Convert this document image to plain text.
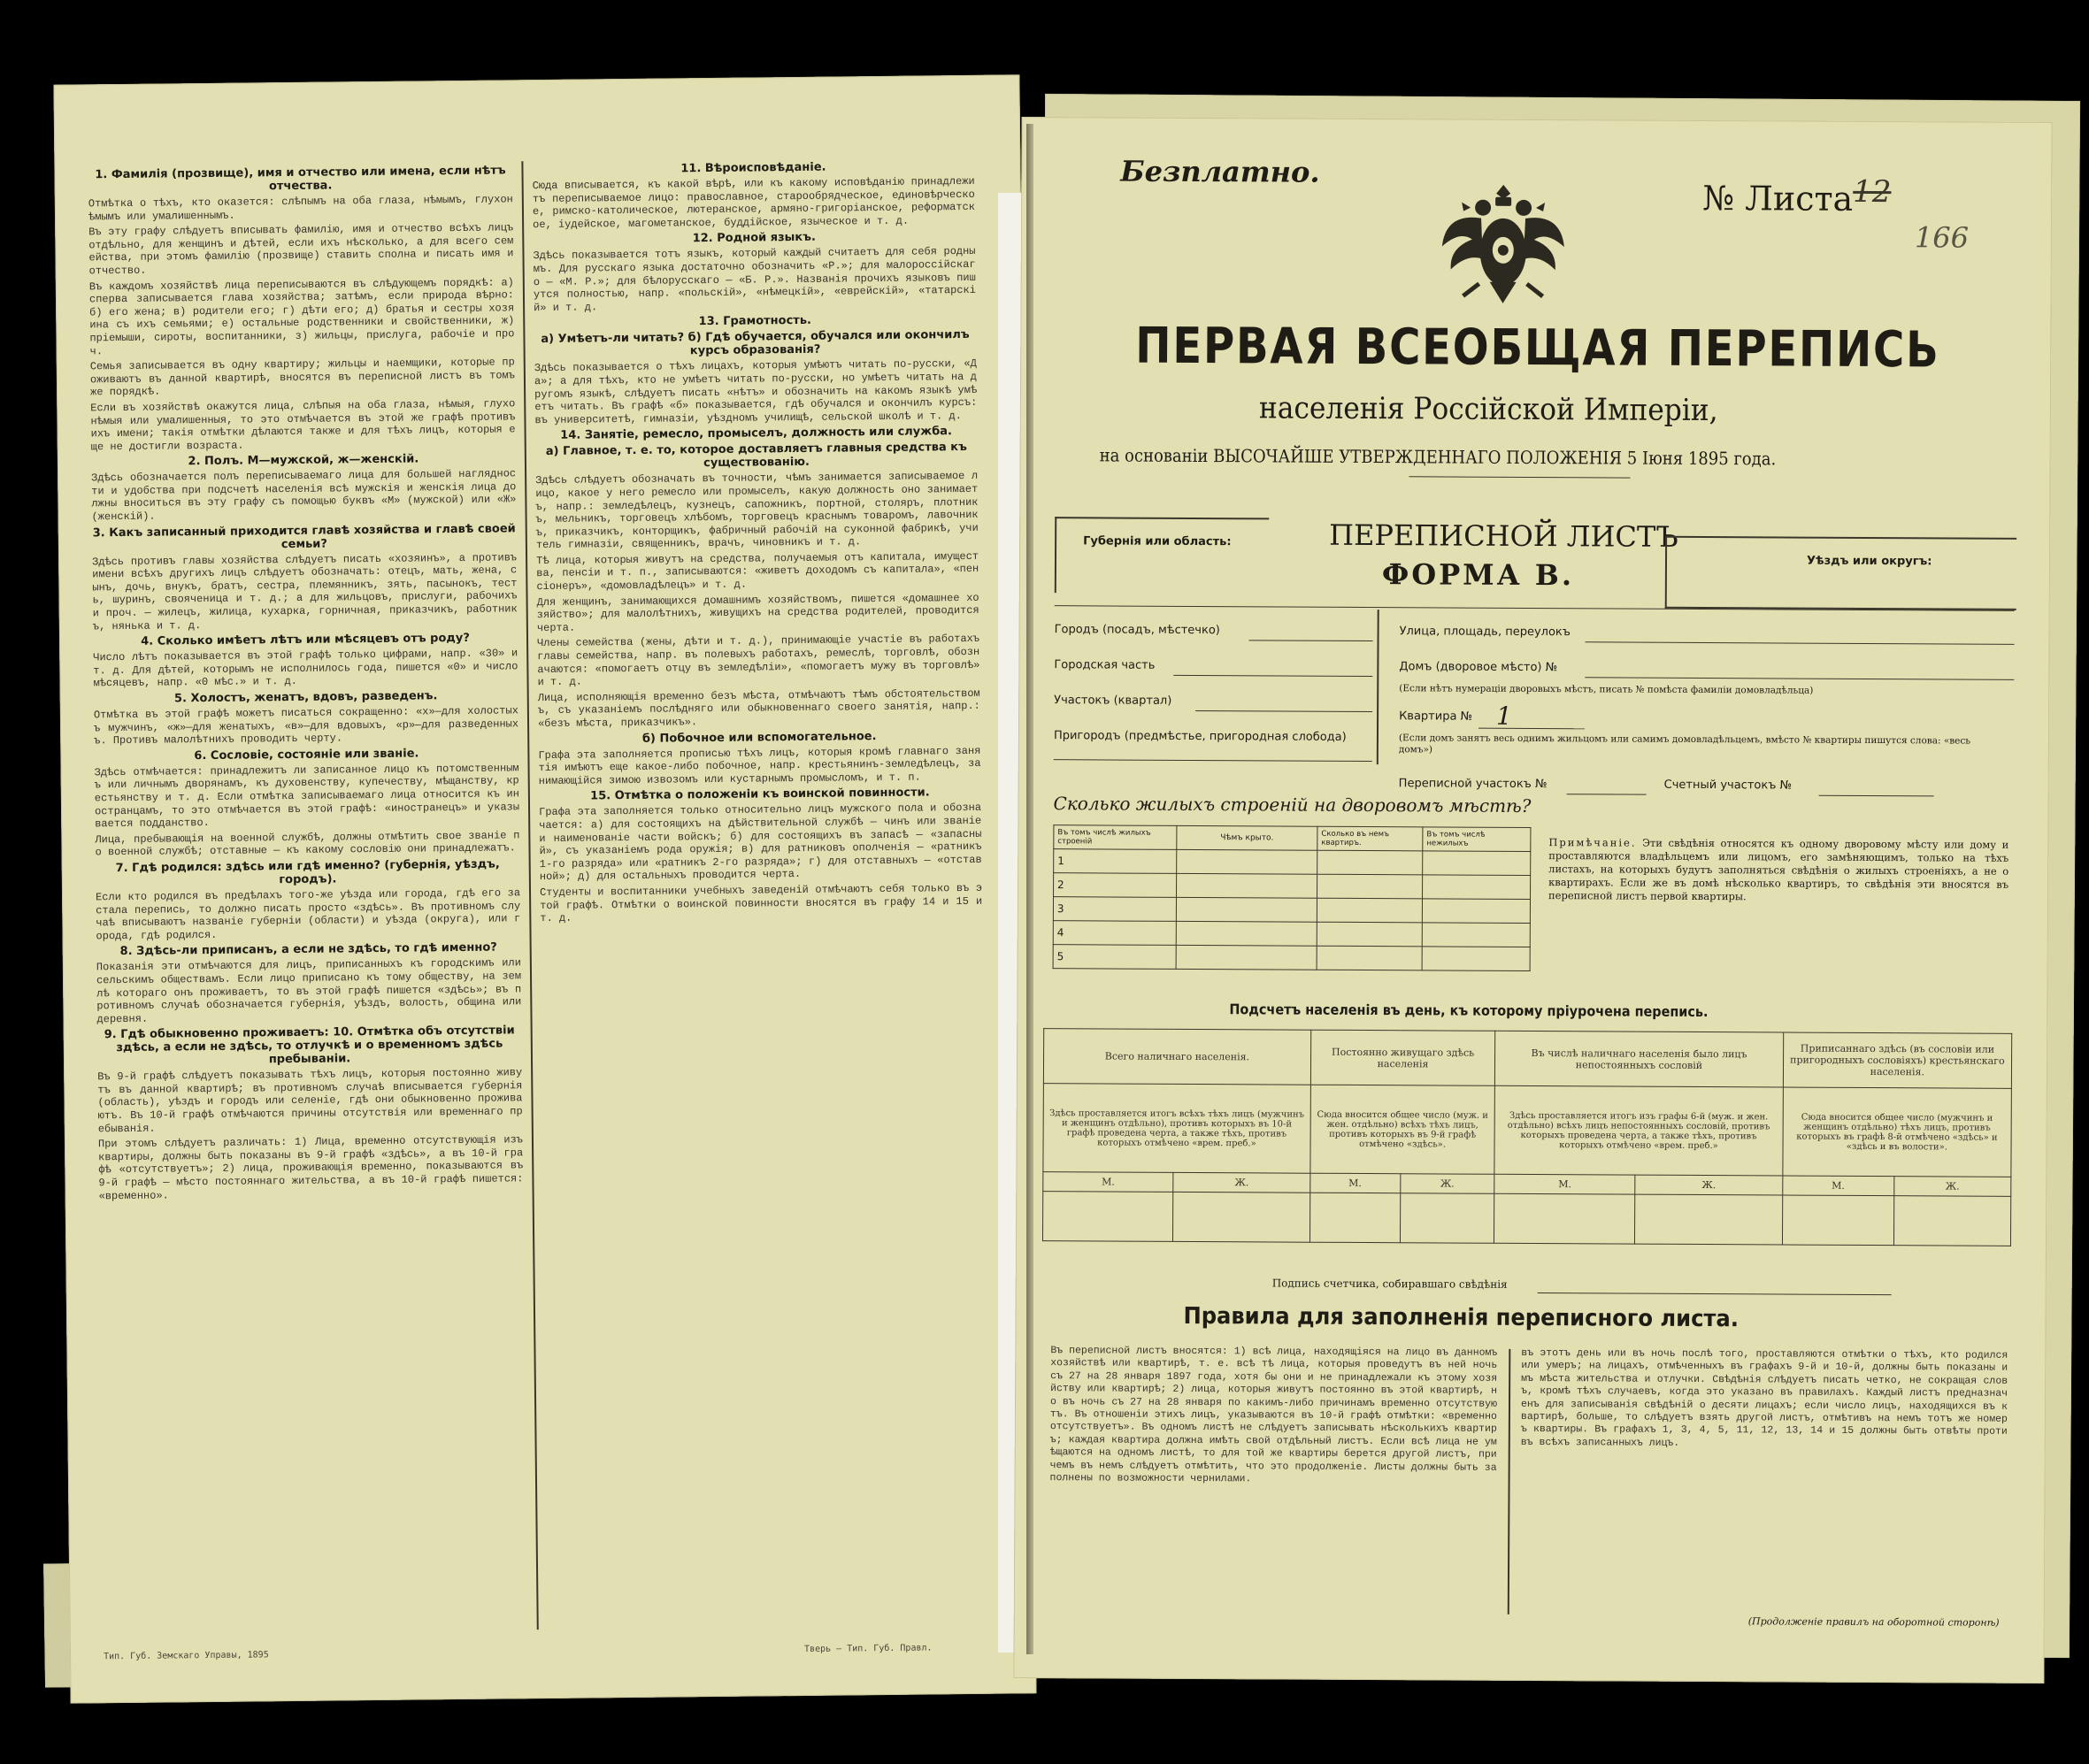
1. Фамилія (прозвище), имя и отчество или имена, если нѣтъ отчества.

Отмѣтка о тѣхъ, кто оказется: слѣпымъ на оба глаза, нѣмымъ, глухонѣмымъ или умалишеннымъ.

Въ эту графу слѣдуетъ вписывать фамилію, имя и отчество всѣхъ лицъ отдѣльно, для женщинъ и дѣтей, если ихъ нѣсколько, а для всего семейства, при этомъ фамилію (прозвище) ставить сполна и писать имя и отчество.

Въ каждомъ хозяйствѣ лица переписываются въ слѣдующемъ порядкѣ: а) сперва записывается глава хозяйства; затѣмъ, если природа вѣрно: б) его жена; в) родители его; г) дѣти его; д) братья и сестры хозяина съ ихъ семьями; е) остальные родственники и свойственники, ж) пріемыши, сироты, воспитанники, з) жильцы, прислуга, рабочіе и проч.

Семья записывается въ одну квартиру; жильцы и наемщики, которые проживаютъ въ данной квартирѣ, вносятся въ переписной листъ въ томъ же порядкѣ.

Если въ хозяйствѣ окажутся лица, слѣпыя на оба глаза, нѣмыя, глухонѣмыя или умалишенныя, то это отмѣчается въ этой же графѣ противъ ихъ имени; такія отмѣтки дѣлаются также и для тѣхъ лицъ, которыя еще не достигли возраста.

2. Полъ. М—мужской, ж—женскій.

Здѣсь обозначается полъ переписываемаго лица для большей наглядности и удобства при подсчетѣ населенія всѣ мужскія и женскія лица должны вноситься въ эту графу съ помощью буквъ «М» (мужской) или «Ж» (женскій).

3. Какъ записанный приходится главѣ хозяйства и главѣ своей семьи?

Здѣсь противъ главы хозяйства слѣдуетъ писать «хозяинъ», а противъ имени всѣхъ другихъ лицъ слѣдуетъ обозначать: отецъ, мать, жена, сынъ, дочь, внукъ, братъ, сестра, племянникъ, зять, пасынокъ, тесть, шуринъ, свояченица и т. д.; а для жильцовъ, прислуги, рабочихъ и проч. — жилецъ, жилица, кухарка, горничная, приказчикъ, работникъ, нянька и т. д.

4. Сколько имѣетъ лѣтъ или мѣсяцевъ отъ роду?

Число лѣтъ показывается въ этой графѣ только цифрами, напр. «30» и т. д. Для дѣтей, которымъ не исполнилось года, пишется «0» и число мѣсяцевъ, напр. «0 мѣс.» и т. д.

5. Холостъ, женатъ, вдовъ, разведенъ.

Отмѣтка въ этой графѣ можетъ писаться сокращенно: «х»—для холостыхъ мужчинъ, «ж»—для женатыхъ, «в»—для вдовыхъ, «р»—для разведенныхъ. Противъ малолѣтнихъ проводить черту.

6. Сословіе, состояніе или званіе.

Здѣсь отмѣчается: принадлежитъ ли записанное лицо къ потомственнымъ или личнымъ дворянамъ, къ духовенству, купечеству, мѣщанству, крестьянству и т. д. Если отмѣтка записываемаго лица относится къ иностранцамъ, то это отмѣчается въ этой графѣ: «иностранецъ» и указывается подданство.

Лица, пребывающія на военной службѣ, должны отмѣтить свое званіе по военной службѣ; отставные — къ какому сословію они принадлежатъ.

7. Гдѣ родился: здѣсь или гдѣ именно? (губернія, уѣздъ, городъ).

Если кто родился въ предѣлахъ того-же уѣзда или города, гдѣ его застала перепись, то должно писать просто «здѣсь». Въ противномъ случаѣ вписываютъ названіе губерніи (области) и уѣзда (округа), или города, гдѣ родился.

8. Здѣсь-ли приписанъ, а если не здѣсь, то гдѣ именно?

Показанія эти отмѣчаются для лицъ, приписанныхъ къ городскимъ или сельскимъ обществамъ. Если лицо приписано къ тому обществу, на землѣ котораго онъ проживаетъ, то въ этой графѣ пишется «здѣсь»; въ противномъ случаѣ обозначается губернія, уѣздъ, волость, община или деревня.

9. Гдѣ обыкновенно проживаетъ: 10. Отмѣтка объ отсутствіи здѣсь, а если не здѣсь, то отлучкѣ и о временномъ здѣсь пребываніи.

Въ 9-й графѣ слѣдуетъ показывать тѣхъ лицъ, которыя постоянно живутъ въ данной квартирѣ; въ противномъ случаѣ вписывается губернія (область), уѣздъ и городъ или селеніе, гдѣ они обыкновенно проживаютъ. Въ 10-й графѣ отмѣчаются причины отсутствія или временнаго пребыванія.

При этомъ слѣдуетъ различать: 1) Лица, временно отсутствующія изъ квартиры, должны быть показаны въ 9-й графѣ «здѣсь», а въ 10-й графѣ «отсутствуетъ»; 2) лица, проживающія временно, показываются въ 9-й графѣ — мѣсто постояннаго жительства, а въ 10-й графѣ пишется: «временно».

11. Вѣроисповѣданіе.

Сюда вписывается, къ какой вѣрѣ, или къ какому исповѣданію принадлежитъ переписываемое лицо: православное, старообрядческое, единовѣрческое, римско-католическое, лютеранское, армяно-григоріанское, реформатское, іудейское, магометанское, буддійское, языческое и т. д.

12. Родной языкъ.

Здѣсь показывается тотъ языкъ, который каждый считаетъ для себя роднымъ. Для русскаго языка достаточно обозначить «Р.»; для малороссійскаго — «М. Р.»; для бѣлорусскаго — «Б. Р.». Названія прочихъ языковъ пишутся полностью, напр. «польскій», «нѣмецкій», «еврейскій», «татарскій» и т. д.

13. Грамотность.
а) Умѣетъ-ли читать? б) Гдѣ обучается, обучался или окончилъ курсъ образованія?

Здѣсь показывается о тѣхъ лицахъ, которыя умѣютъ читать по-русски, «Да»; а для тѣхъ, кто не умѣетъ читать по-русски, но умѣетъ читать на другомъ языкѣ, слѣдуетъ писать «нѣтъ» и обозначить на какомъ языкѣ умѣетъ читать. Въ графѣ «б» показывается, гдѣ обучался и окончилъ курсъ: въ университетѣ, гимназіи, уѣздномъ училищѣ, сельской школѣ и т. д.

14. Занятіе, ремесло, промыселъ, должность или служба.
а) Главное, т. е. то, которое доставляетъ главныя средства къ существованію.

Здѣсь слѣдуетъ обозначать въ точности, чѣмъ занимается записываемое лицо, какое у него ремесло или промыселъ, какую должность оно занимаетъ, напр.: земледѣлецъ, кузнецъ, сапожникъ, портной, столяръ, плотникъ, мельникъ, торговецъ хлѣбомъ, торговецъ краснымъ товаромъ, лавочникъ, приказчикъ, конторщикъ, фабричный рабочій на суконной фабрикѣ, учитель гимназіи, священникъ, врачъ, чиновникъ и т. д.

Тѣ лица, которыя живутъ на средства, получаемыя отъ капитала, имущества, пенсіи и т. п., записываются: «живетъ доходомъ съ капитала», «пенсіонеръ», «домовладѣлецъ» и т. д.

Для женщинъ, занимающихся домашнимъ хозяйствомъ, пишется «домашнее хозяйство»; для малолѣтнихъ, живущихъ на средства родителей, проводится черта.

Члены семейства (жены, дѣти и т. д.), принимающіе участіе въ работахъ главы семейства, напр. въ полевыхъ работахъ, ремеслѣ, торговлѣ, обозначаются: «помогаетъ отцу въ земледѣліи», «помогаетъ мужу въ торговлѣ» и т. д.

Лица, исполняющія временно безъ мѣста, отмѣчаютъ тѣмъ обстоятельствомъ, съ указаніемъ послѣдняго или обыкновеннаго своего занятія, напр.: «безъ мѣста, приказчикъ».

б) Побочное или вспомогательное.

Графа эта заполняется прописью тѣхъ лицъ, которыя кромѣ главнаго занятія имѣютъ еще какое-либо побочное, напр. крестьянинъ-земледѣлецъ, занимающійся зимою извозомъ или кустарнымъ промысломъ, и т. п.

15. Отмѣтка о положеніи къ воинской повинности.

Графа эта заполняется только относительно лицъ мужского пола и обозначается: а) для состоящихъ на дѣйствительной службѣ — чинъ или званіе и наименованіе части войскъ; б) для состоящихъ въ запасѣ — «запасный», съ указаніемъ рода оружія; в) для ратниковъ ополченія — «ратникъ 1-го разряда» или «ратникъ 2-го разряда»; г) для отставныхъ — «отставной»; д) для остальныхъ проводится черта.

Студенты и воспитанники учебныхъ заведеній отмѣчаютъ себя только въ этой графѣ. Отмѣтки о воинской повинности вносятся въ графу 14 и 15 и т. д.

Тип. Губ. Земскаго Управы, 1895
Тверь — Тип. Губ. Правл.
Безплатно.
№ Листа 12
166
ПЕРВАЯ ВСЕОБЩАЯ ПЕРЕПИСЬ
населенія Россійской Имперіи,
на основаніи ВЫСОЧАЙШЕ УТВЕРЖДЕННАГО ПОЛОЖЕНІЯ 5 Іюня 1895 года.
Губернія или область:	ПЕРЕПИСНОЙ ЛИСТЪ
ФОРМА В.	Уѣздъ или округъ:
Городъ (посадъ, мѣстечко)
Городская часть
Участокъ (квартал)
Пригородъ (предмѣстье, пригородная слобода)
Улица, площадь, переулокъ
Домъ (дворовое мѣсто) №
(Если нѣтъ нумераціи дворовыхъ мѣстъ, писать № помѣста фамиліи домовладѣльца)
Квартира № 1
(Если домъ занятъ весь однимъ жильцомъ или самимъ домовладѣльцемъ, вмѣсто № квартиры пишутся слова: «весь домъ»)
Переписной участокъ №	Счетный участокъ №
Сколько жилыхъ строеній на дворовомъ мѣстѣ?
Въ томъ числѣ жилыхъ строеній	Чѣмъ крыто.	Сколько въ немъ квартиръ.	Въ томъ числѣ нежилыхъ
1			
2			
3			
4			
5			
Примѣчаніе. Эти свѣдѣнія относятся къ одному дворовому мѣсту или дому и проставляются владѣльцемъ или лицомъ, его замѣняющимъ, только на тѣхъ листахъ, на которыхъ будутъ заполняться свѣдѣнія о жилыхъ строеніяхъ, а не о квартирахъ. Если же въ домѣ нѣсколько квартиръ, то свѣдѣнія эти вносятся въ переписной листъ первой квартиры.
Подсчетъ населенія въ день, къ которому пріурочена перепись.
Всего наличнаго населенія.		Постоянно живущаго здѣсь населенія		Въ числѣ наличнаго населенія было лицъ непостоянныхъ сословій		Приписаннаго здѣсь (въ сословіи или пригородныхъ сословіяхъ) крестьянскаго населенія.	
Здѣсь проставляется итогъ всѣхъ тѣхъ лицъ (мужчинъ и женщинъ отдѣльно), противъ которыхъ въ 10-й графѣ проведена черта, а также тѣхъ, противъ которыхъ отмѣчено «врем. преб.»		Сюда вносится общее число (муж. и жен. отдѣльно) всѣхъ тѣхъ лицъ, противъ которыхъ въ 9-й графѣ отмѣчено «здѣсь».		Здѣсь проставляется итогъ изъ графы 6-й (муж. и жен. отдѣльно) всѣхъ лицъ непостоянныхъ сословій, противъ которыхъ проведена черта, а также тѣхъ, противъ которыхъ отмѣчено «врем. преб.»		Сюда вносится общее число (мужчинъ и женщинъ отдѣльно) тѣхъ лицъ, противъ которыхъ въ графѣ 8-й отмѣчено «здѣсь» и «здѣсь и въ волости».	
М.	Ж.	М.	Ж.	М.	Ж.	М.	Ж.

Подпись счетчика, собиравшаго свѣдѣнія
Правила для заполненія переписного листа.

Въ переписной листъ вносятся: 1) всѣ лица, находящіяся на лицо въ данномъ хозяйствѣ или квартирѣ, т. е. всѣ тѣ лица, которыя проведутъ въ ней ночь съ 27 на 28 января 1897 года, хотя бы они и не принадлежали къ этому хозяйству или квартирѣ; 2) лица, которыя живутъ постоянно въ этой квартирѣ, но въ ночь съ 27 на 28 января по какимъ-либо причинамъ временно отсутствуютъ. Въ отношеніи этихъ лицъ, указываются въ 10-й графѣ отмѣтки: «временно отсутствуетъ». Въ одномъ листѣ не слѣдуетъ записывать нѣсколькихъ квартиръ; каждая квартира должна имѣть свой отдѣльный листъ. Если всѣ лица не умѣщаются на одномъ листѣ, то для той же квартиры берется другой листъ, причемъ въ немъ слѣдуетъ отмѣтить, что это продолженіе. Листы должны быть заполнены по возможности чернилами.

въ этотъ день или въ ночь послѣ того, проставляются отмѣтки о тѣхъ, кто родился или умеръ; на лицахъ, отмѣченныхъ въ графахъ 9-й и 10-й, должны быть показаны имъ мѣста жительства и отлучки. Свѣдѣнія слѣдуетъ писать четко, не сокращая словъ, кромѣ тѣхъ случаевъ, когда это указано въ правилахъ. Каждый листъ предназначенъ для записыванія свѣдѣній о десяти лицахъ; если число лицъ, находящихся въ квартирѣ, больше, то слѣдуетъ взять другой листъ, отмѣтивъ на немъ тотъ же номеръ квартиры. Въ графахъ 1, 3, 4, 5, 11, 12, 13, 14 и 15 должны быть отвѣты противъ всѣхъ записанныхъ лицъ.

(Продолженіе правилъ на оборотной сторонѣ)
